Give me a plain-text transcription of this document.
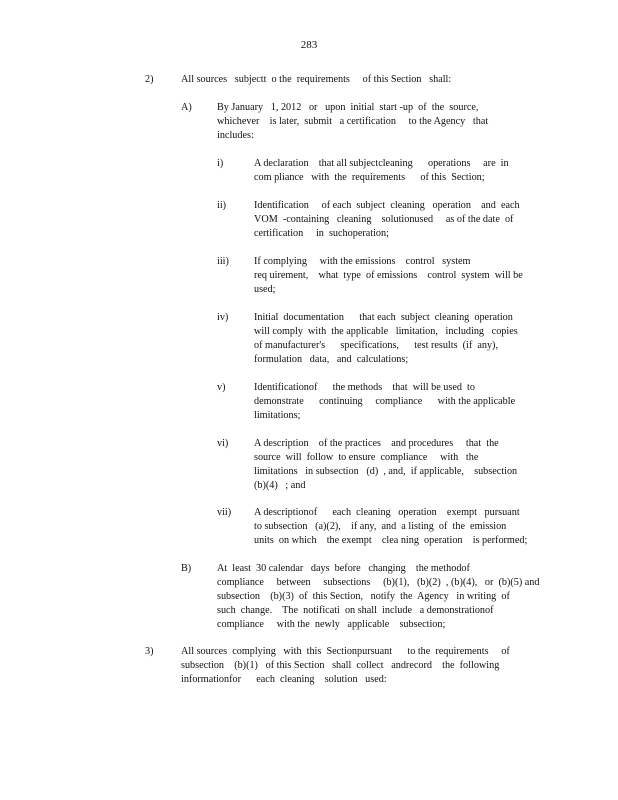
283
2)	All sources   subjectt  o the  requirements     of this Section   shall:
A) By January   1, 2012   or   upon  initial  start -up  of  the  source,
whichever    is later,  submit   a certification     to the Agency   that
includes:
i)	A declaration    that all subjectcleaning      operations     are  in
com pliance   with  the  requirements      of this  Section;
ii)	Identification     of each  subject  cleaning   operation    and  each
VOM  -containing   cleaning    solutionused     as of the date  of
certification     in  suchoperation;
iii) If complying     with the emissions    control   system
req uirement,    what  type  of emissions    control  system  will be
used;
iv)	Initial  documentation      that each  subject  cleaning  operation
will comply  with  the applicable   limitation,   including   copies
of manufacturer's      specifications,      test results  (if  any),
formulation   data,   and  calculations;
v)	Identificationof      the methods    that  will be used  to
demonstrate      continuing     compliance      with the applicable
limitations;
vi)	A description    of the practices    and procedures     that  the
source  will  follow  to ensure  compliance     with   the
limitations   in subsection   (d)  , and,  if applicable,    subsection
(b)(4)   ; and
vii) A descriptionof      each  cleaning   operation    exempt   pursuant
to subsection   (a)(2),    if any,  and  a listing  of  the  emission
units  on which    the exempt    clea ning  operation    is performed;
B)	At  least  30 calendar   days  before   changing    the methodof
compliance     between     subsections     (b)(1),   (b)(2)  , (b)(4),   or  (b)(5) and
subsection    (b)(3)  of  this Section,   notify  the  Agency   in writing  of
such  change.    The  notificati  on shall  include   a demonstrationof
compliance     with the  newly   applicable    subsection;
3)	All sources  complying   with  this  Sectionpursuant      to the  requirements     of
subsection    (b)(1)   of this Section   shall  collect   andrecord    the  following
informationfor      each  cleaning    solution   used:
